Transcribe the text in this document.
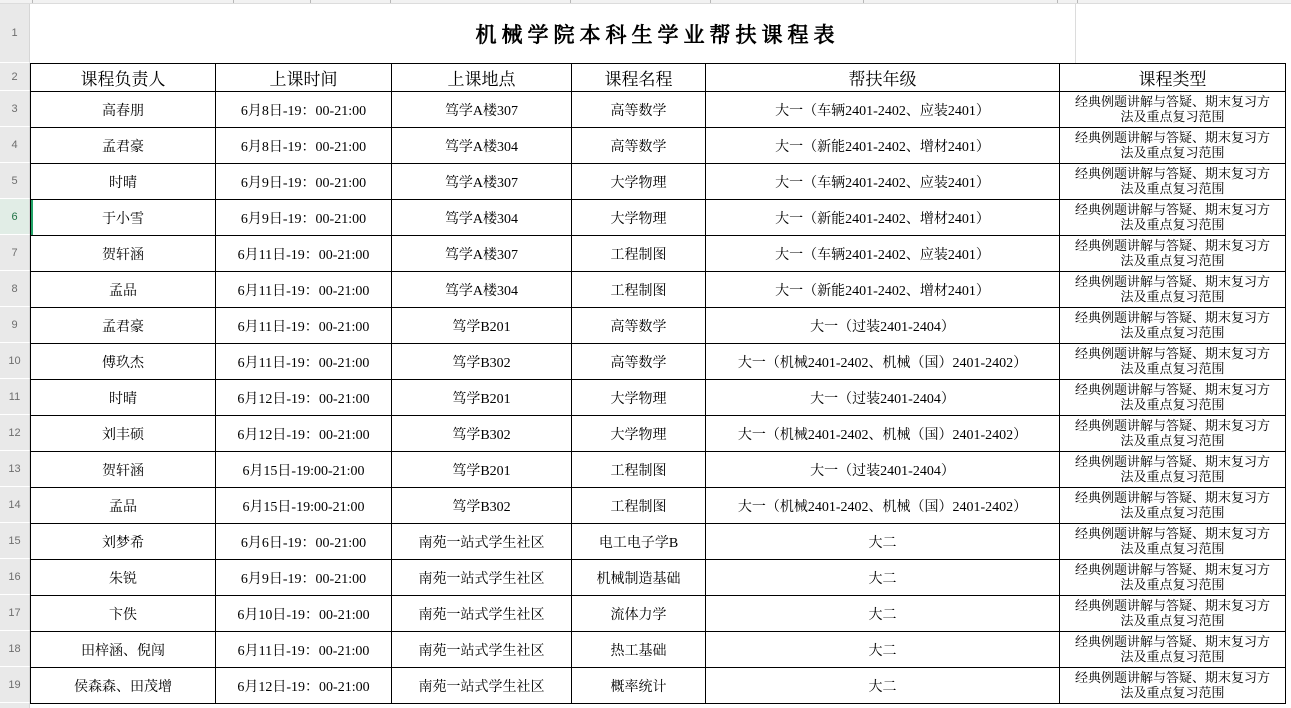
1
2
3
4
5
6
7
8
9
10
11
12
13
14
15
16
17
18
19
机械学院本科生学业帮扶课程表
课程负责人	上课时间	上课地点	课程名程	帮扶年级	课程类型
高春朋	6月8日-19：00-21:00	笃学A楼307	高等数学	大一（车辆2401-2402、应装2401）	经典例题讲解与答疑、期末复习方法及重点复习范围
孟君豪	6月8日-19：00-21:00	笃学A楼304	高等数学	大一（新能2401-2402、增材2401）	经典例题讲解与答疑、期末复习方法及重点复习范围
时晴	6月9日-19：00-21:00	笃学A楼307	大学物理	大一（车辆2401-2402、应装2401）	经典例题讲解与答疑、期末复习方法及重点复习范围
于小雪	6月9日-19：00-21:00	笃学A楼304	大学物理	大一（新能2401-2402、增材2401）	经典例题讲解与答疑、期末复习方法及重点复习范围
贺轩涵	6月11日-19：00-21:00	笃学A楼307	工程制图	大一（车辆2401-2402、应装2401）	经典例题讲解与答疑、期末复习方法及重点复习范围
孟品	6月11日-19：00-21:00	笃学A楼304	工程制图	大一（新能2401-2402、增材2401）	经典例题讲解与答疑、期末复习方法及重点复习范围
孟君豪	6月11日-19：00-21:00	笃学B201	高等数学	大一（过装2401-2404）	经典例题讲解与答疑、期末复习方法及重点复习范围
傅玖杰	6月11日-19：00-21:00	笃学B302	高等数学	大一（机械2401-2402、机械（国）2401-2402）	经典例题讲解与答疑、期末复习方法及重点复习范围
时晴	6月12日-19：00-21:00	笃学B201	大学物理	大一（过装2401-2404）	经典例题讲解与答疑、期末复习方法及重点复习范围
刘丰硕	6月12日-19：00-21:00	笃学B302	大学物理	大一（机械2401-2402、机械（国）2401-2402）	经典例题讲解与答疑、期末复习方法及重点复习范围
贺轩涵	6月15日-19:00-21:00	笃学B201	工程制图	大一（过装2401-2404）	经典例题讲解与答疑、期末复习方法及重点复习范围
孟品	6月15日-19:00-21:00	笃学B302	工程制图	大一（机械2401-2402、机械（国）2401-2402）	经典例题讲解与答疑、期末复习方法及重点复习范围
刘梦希	6月6日-19：00-21:00	南苑一站式学生社区	电工电子学B	大二	经典例题讲解与答疑、期末复习方法及重点复习范围
朱锐	6月9日-19：00-21:00	南苑一站式学生社区	机械制造基础	大二	经典例题讲解与答疑、期末复习方法及重点复习范围
卞佚	6月10日-19：00-21:00	南苑一站式学生社区	流体力学	大二	经典例题讲解与答疑、期末复习方法及重点复习范围
田梓涵、倪闯	6月11日-19：00-21:00	南苑一站式学生社区	热工基础	大二	经典例题讲解与答疑、期末复习方法及重点复习范围
侯森森、田茂增	6月12日-19：00-21:00	南苑一站式学生社区	概率统计	大二	经典例题讲解与答疑、期末复习方法及重点复习范围
